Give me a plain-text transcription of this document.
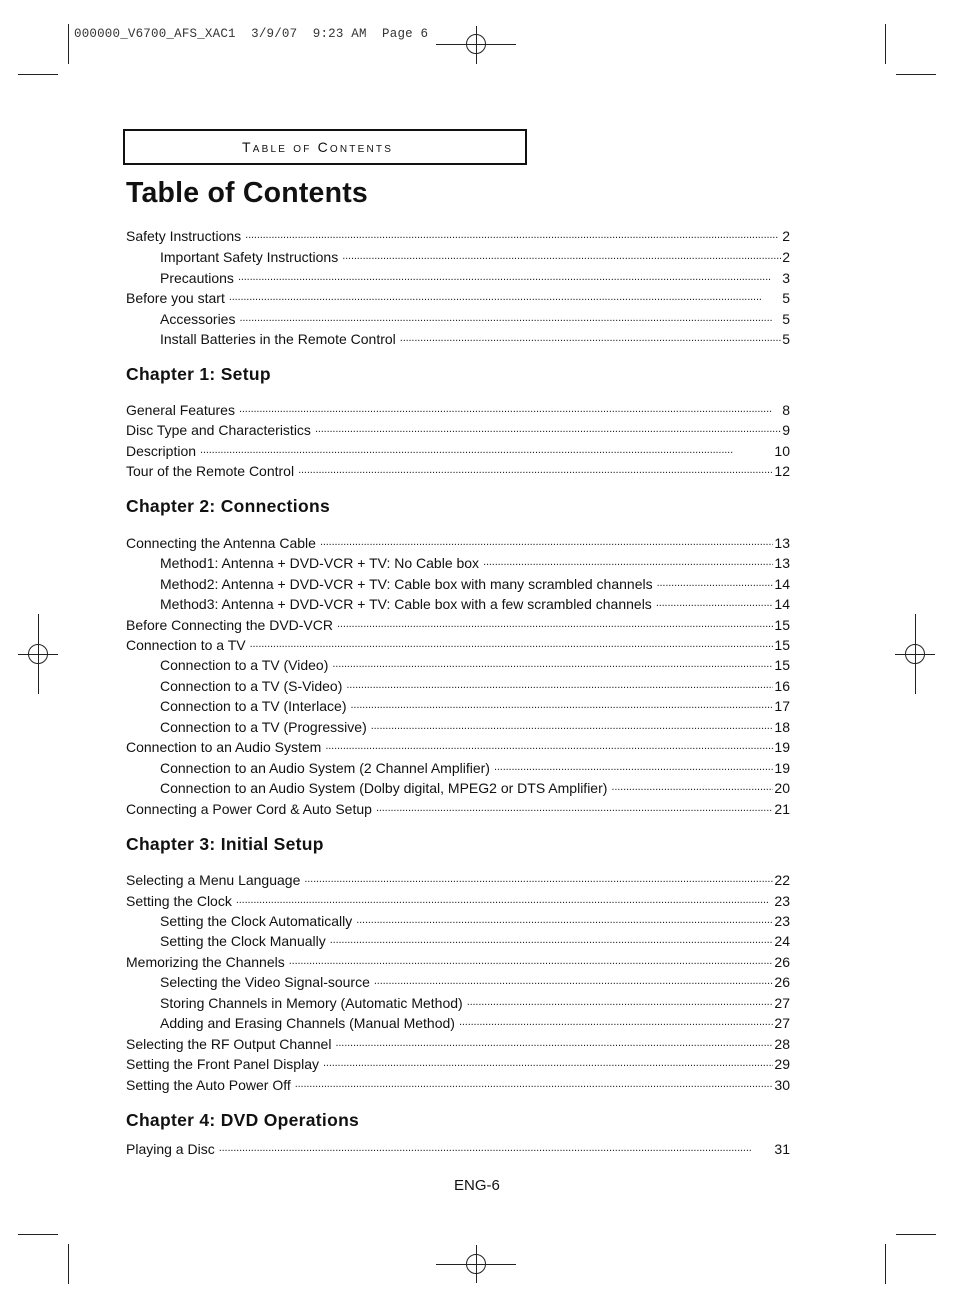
000000_V6700_AFS_XAC1  3/9/07  9:23 AM  Page 6
Table of Contents
Table of Contents
Safety Instructions . . .	2
Important Safety Instructions . . .	2
Precautions . . .	3
Before you start . . .	5
Accessories . . .	5
Install Batteries in the Remote Control . . .	5
General Features . . .	8
Disc Type and Characteristics . . .	9
Description . . .	10
Tour of the Remote Control . . .	12
Connecting the Antenna Cable . . .	13
Method1: Antenna + DVD-VCR + TV: No Cable box . . .	13
Method2: Antenna + DVD-VCR + TV: Cable box with many scrambled channels . . .	14
Method3: Antenna + DVD-VCR + TV: Cable box with a few scrambled channels . . .	14
Before Connecting the DVD-VCR . . .	15
Connection to a TV . . .	15
Connection to a TV (Video) . . .	15
Connection to a TV (S-Video) . . .	16
Connection to a TV (Interlace) . . .	17
Connection to a TV (Progressive) . . .	18
Connection to an Audio System . . .	19
Connection to an Audio System (2 Channel Amplifier) . . .	19
Connection to an Audio System (Dolby digital, MPEG2 or DTS Amplifier) . . .	20
Connecting a Power Cord & Auto Setup . . .	21
Selecting a Menu Language . . .	22
Setting the Clock . . .	23
Setting the Clock Automatically . . .	23
Setting the Clock Manually . . .	24
Memorizing the Channels . . .	26
Selecting the Video Signal-source . . .	26
Storing Channels in Memory (Automatic Method) . . .	27
Adding and Erasing Channels (Manual Method) . . .	27
Selecting the RF Output Channel . . .	28
Setting the Front Panel Display . . .	29
Setting the Auto Power Off . . .	30
Playing a Disc . . .	31
ENG-6
Chapter 1: Setup
Chapter 2: Connections
Chapter 3: Initial Setup
Chapter 4: DVD Operations
